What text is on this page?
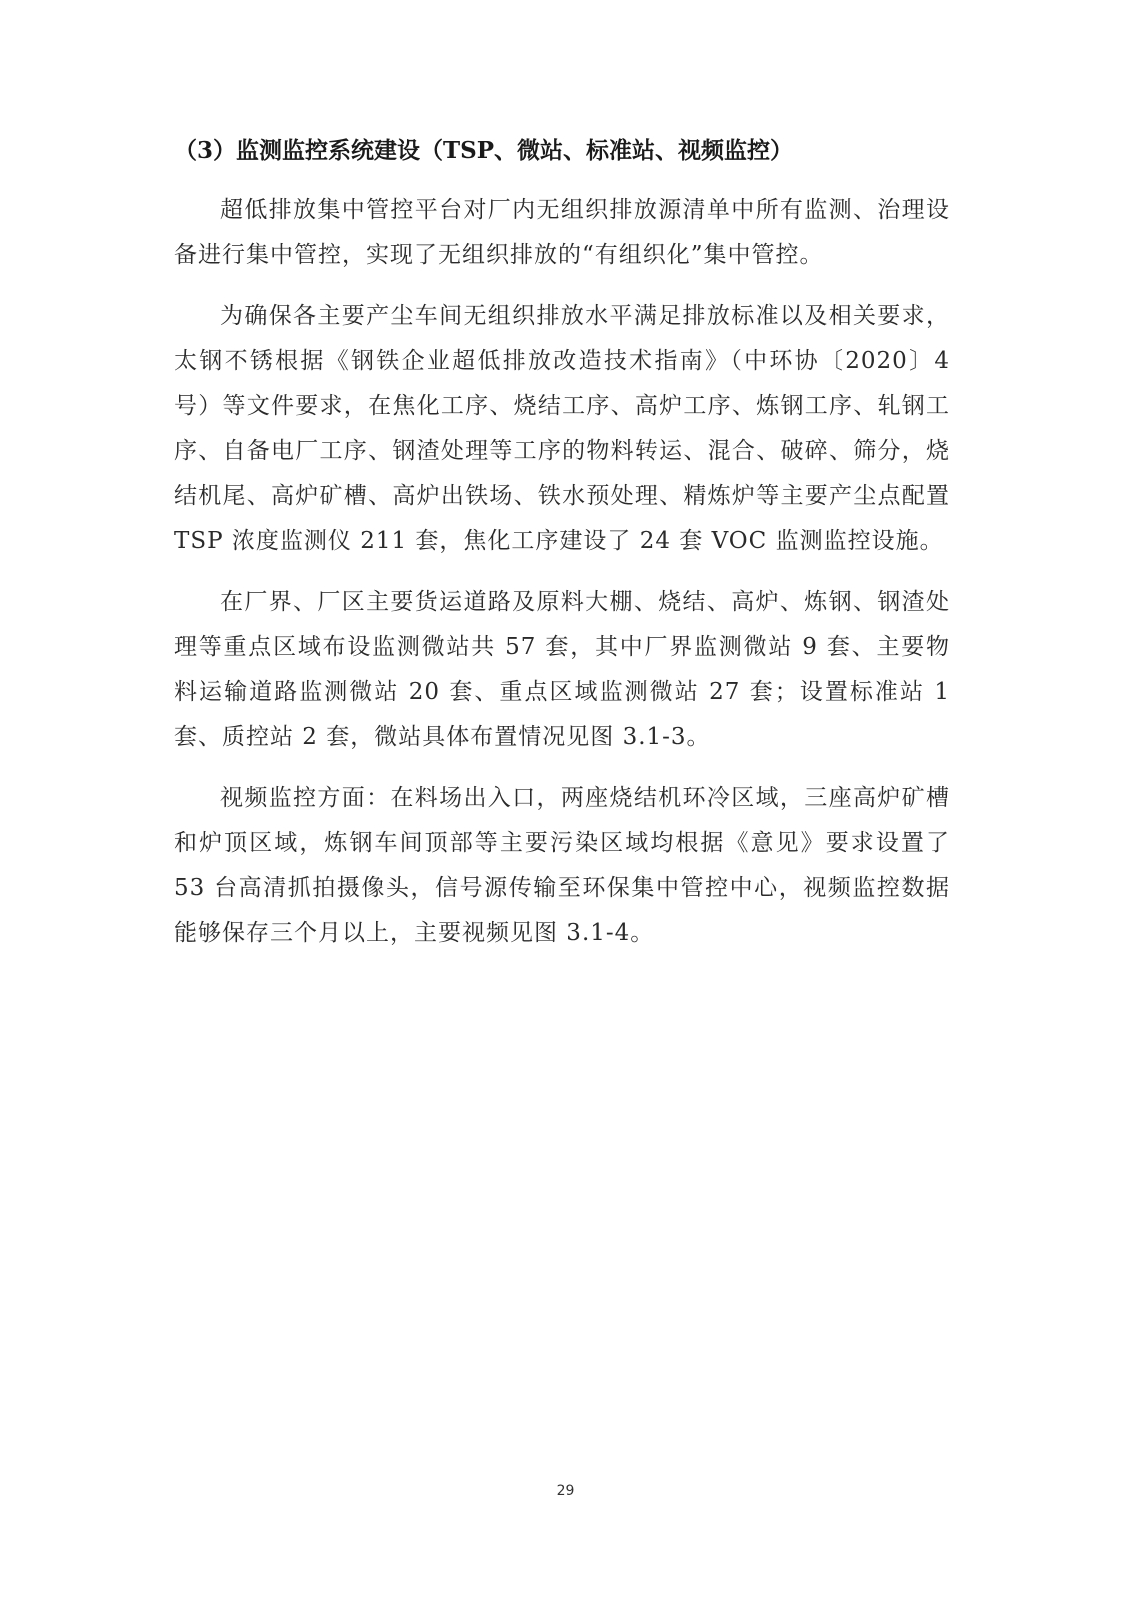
（3）监测监控系统建设（TSP、微站、标准站、视频监控）

超低排放集中管控平台对厂内无组织排放源清单中所有监测、治理设备进行集中管控，实现了无组织排放的“有组织化”集中管控。

为确保各主要产尘车间无组织排放水平满足排放标准以及相关要求，太钢不锈根据《钢铁企业超低排放改造技术指南》（中环协〔2020〕4 号）等文件要求，在焦化工序、烧结工序、高炉工序、炼钢工序、轧钢工序、自备电厂工序、钢渣处理等工序的物料转运、混合、破碎、筛分，烧结机尾、高炉矿槽、高炉出铁场、铁水预处理、精炼炉等主要产尘点配置 TSP 浓度监测仪 211 套，焦化工序建设了 24 套 VOC 监测监控设施。

在厂界、厂区主要货运道路及原料大棚、烧结、高炉、炼钢、钢渣处理等重点区域布设监测微站共 57 套，其中厂界监测微站 9 套、主要物料运输道路监测微站 20 套、重点区域监测微站 27 套；设置标准站 1 套、质控站 2 套，微站具体布置情况见图 3.1-3。

视频监控方面：在料场出入口，两座烧结机环冷区域，三座高炉矿槽和炉顶区域，炼钢车间顶部等主要污染区域均根据《意见》要求设置了 53 台高清抓拍摄像头，信号源传输至环保集中管控中心，视频监控数据能够保存三个月以上，主要视频见图 3.1-4。

29
